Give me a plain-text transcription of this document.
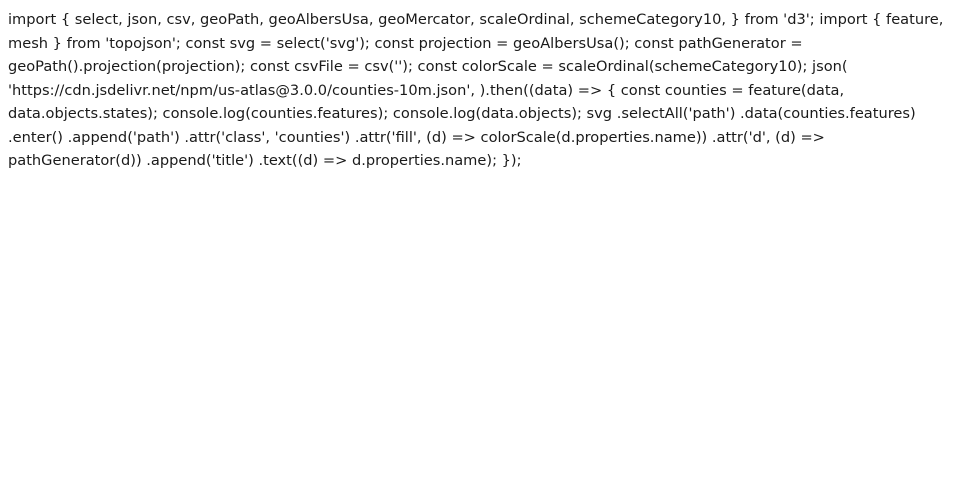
import { select, json, csv, geoPath, geoAlbersUsa, geoMercator, scaleOrdinal, schemeCategory10, } from 'd3'; import { feature, mesh } from 'topojson'; const svg = select('svg'); const projection = geoAlbersUsa(); const pathGenerator = geoPath().projection(projection); const csvFile = csv(''); const colorScale = scaleOrdinal(schemeCategory10); json( 'https://cdn.jsdelivr.net/npm/us-atlas@3.0.0/counties-10m.json', ).then((data) => { const counties = feature(data, data.objects.states); console.log(counties.features); console.log(data.objects); svg .selectAll('path') .data(counties.features) .enter() .append('path') .attr('class', 'counties') .attr('fill', (d) => colorScale(d.properties.name)) .attr('d', (d) => pathGenerator(d)) .append('title') .text((d) => d.properties.name); });
